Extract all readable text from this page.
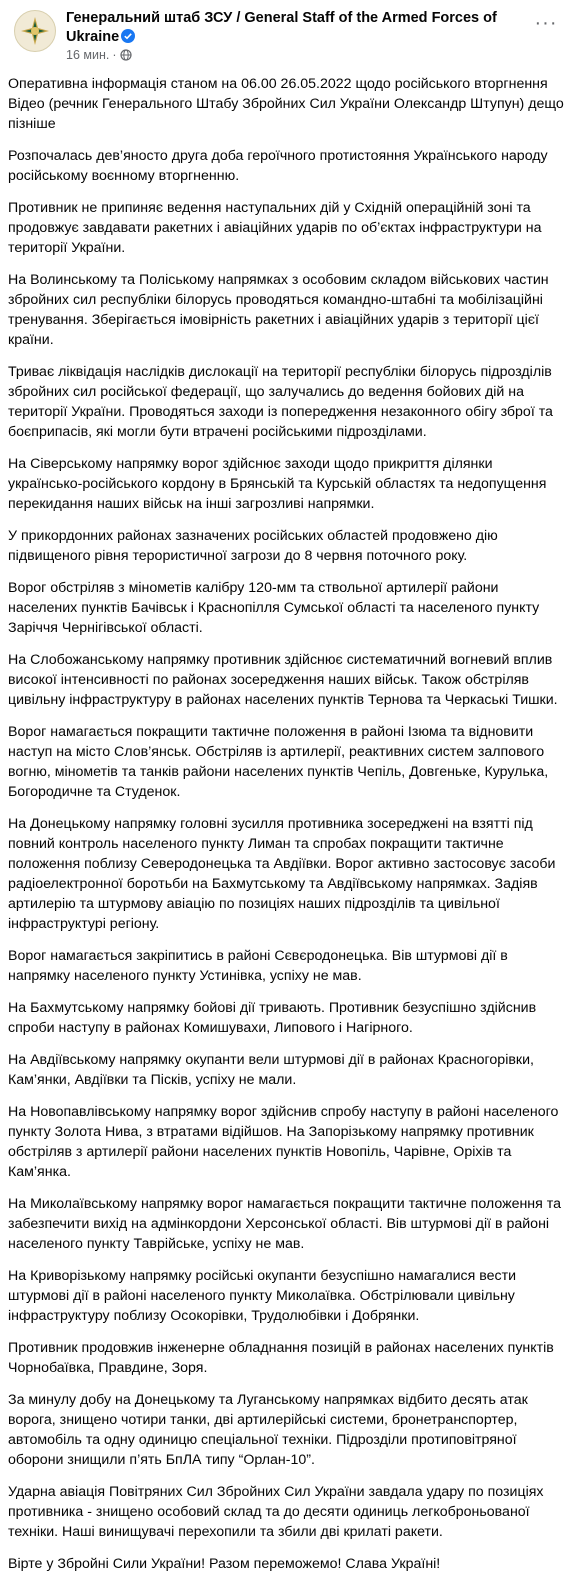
Генеральний штаб ЗСУ / General Staff of the Armed Forces of Ukraine
16 мин. ·
···

Оперативна інформація станом на 06.00 26.05.2022 щодо російського вторгнення
Відео (речник Генерального Штабу Збройних Сил України Олександр Штупун) дещо пізніше

Розпочалась дев’яносто друга доба героїчного протистояння Українського народу російському воєнному вторгненню.

Противник не припиняє ведення наступальних дій у Східній операційній зоні та продовжує завдавати ракетних і авіаційних ударів по об’єктах інфраструктури на території України.

На Волинському та Поліському напрямках з особовим складом військових частин збройних сил республіки білорусь проводяться командно-штабні та мобілізаційні тренування. Зберігається імовірність ракетних і авіаційних ударів з території цієї країни.

Триває ліквідація наслідків дислокації на території республіки білорусь підрозділів збройних сил російської федерації, що залучались до ведення бойових дій на території України. Проводяться заходи із попередження незаконного обігу зброї та боєприпасів, які могли бути втрачені російськими підрозділами.

На Сіверському напрямку ворог здійснює заходи щодо прикриття ділянки українсько-російського кордону в Брянській та Курській областях та недопущення перекидання наших військ на інші загрозливі напрямки.

У прикордонних районах зазначених російських областей продовжено дію підвищеного рівня терористичної загрози до 8 червня поточного року.

Ворог обстріляв з мінометів калібру 120-мм та ствольної артилерії райони населених пунктів Бачівськ і Краснопілля Сумської області та населеного пункту Заріччя Чернігівської області.

На Слобожанському напрямку противник здійснює систематичний вогневий вплив високої інтенсивності по районах зосередження наших військ. Також обстріляв цивільну інфраструктуру в районах населених пунктів Тернова та Черкаські Тишки.

Ворог намагається покращити тактичне положення в районі Ізюма та відновити наступ на місто Слов’янськ. Обстріляв із артилерії, реактивних систем залпового вогню, мінометів та танків райони населених пунктів Чепіль, Довгеньке, Курулька, Богородичне та Студенок.

На Донецькому напрямку головні зусилля противника зосереджені на взятті під повний контроль населеного пункту Лиман та спробах покращити тактичне положення поблизу Северодонецька та Авдіївки. Ворог активно застосовує засоби радіоелектронної боротьби на Бахмутському та Авдіївському напрямках. Задіяв артилерію та штурмову авіацію по позиціях наших підрозділів та цивільної інфраструктурі регіону.

Ворог намагається закріпитись в районі Сєвєродонецька. Вів штурмові дії в напрямку населеного пункту Устинівка, успіху не мав.

На Бахмутському напрямку бойові дії тривають. Противник безуспішно здійснив спроби наступу в районах Комишувахи, Липового і Нагірного.

На Авдіївському напрямку окупанти вели штурмові дії в районах Красногорівки, Кам’янки, Авдіївки та Пісків, успіху не мали.

На Новопавлівському напрямку ворог здійснив спробу наступу в районі населеного пункту Золота Нива, з втратами відійшов. На Запорізькому напрямку противник обстріляв з артилерії райони населених пунктів Новопіль, Чарівне, Оріхів та Кам’янка.

На Миколаївському напрямку ворог намагається покращити тактичне положення та забезпечити вихід на адмінкордони Херсонської області. Вів штурмові дії в районі населеного пункту Таврійське, успіху не мав.

На Криворізькому напрямку російські окупанти безуспішно намагалися вести штурмові дії в районі населеного пункту Миколаївка. Обстрілювали цивільну інфраструктуру поблизу Осокорівки, Трудолюбівки і Добрянки.

Противник продовжив інженерне обладнання позицій в районах населених пунктів Чорнобаївка, Правдине, Зоря.

За минулу добу на Донецькому та Луганському напрямках відбито десять атак ворога, знищено чотири танки, дві артилерійські системи, бронетранспортер, автомобіль та одну одиницю спеціальної техніки. Підрозділи протиповітряної оборони знищили п’ять БпЛА типу “Орлан-10”.

Ударна авіація Повітряних Сил Збройних Сил України завдала удару по позиціях противника - знищено особовий склад та до десяти одиниць легкоброньованої техніки. Наші винищувачі перехопили та збили дві крилаті ракети.

Вірте у Збройні Сили України! Разом переможемо! Слава Україні!
